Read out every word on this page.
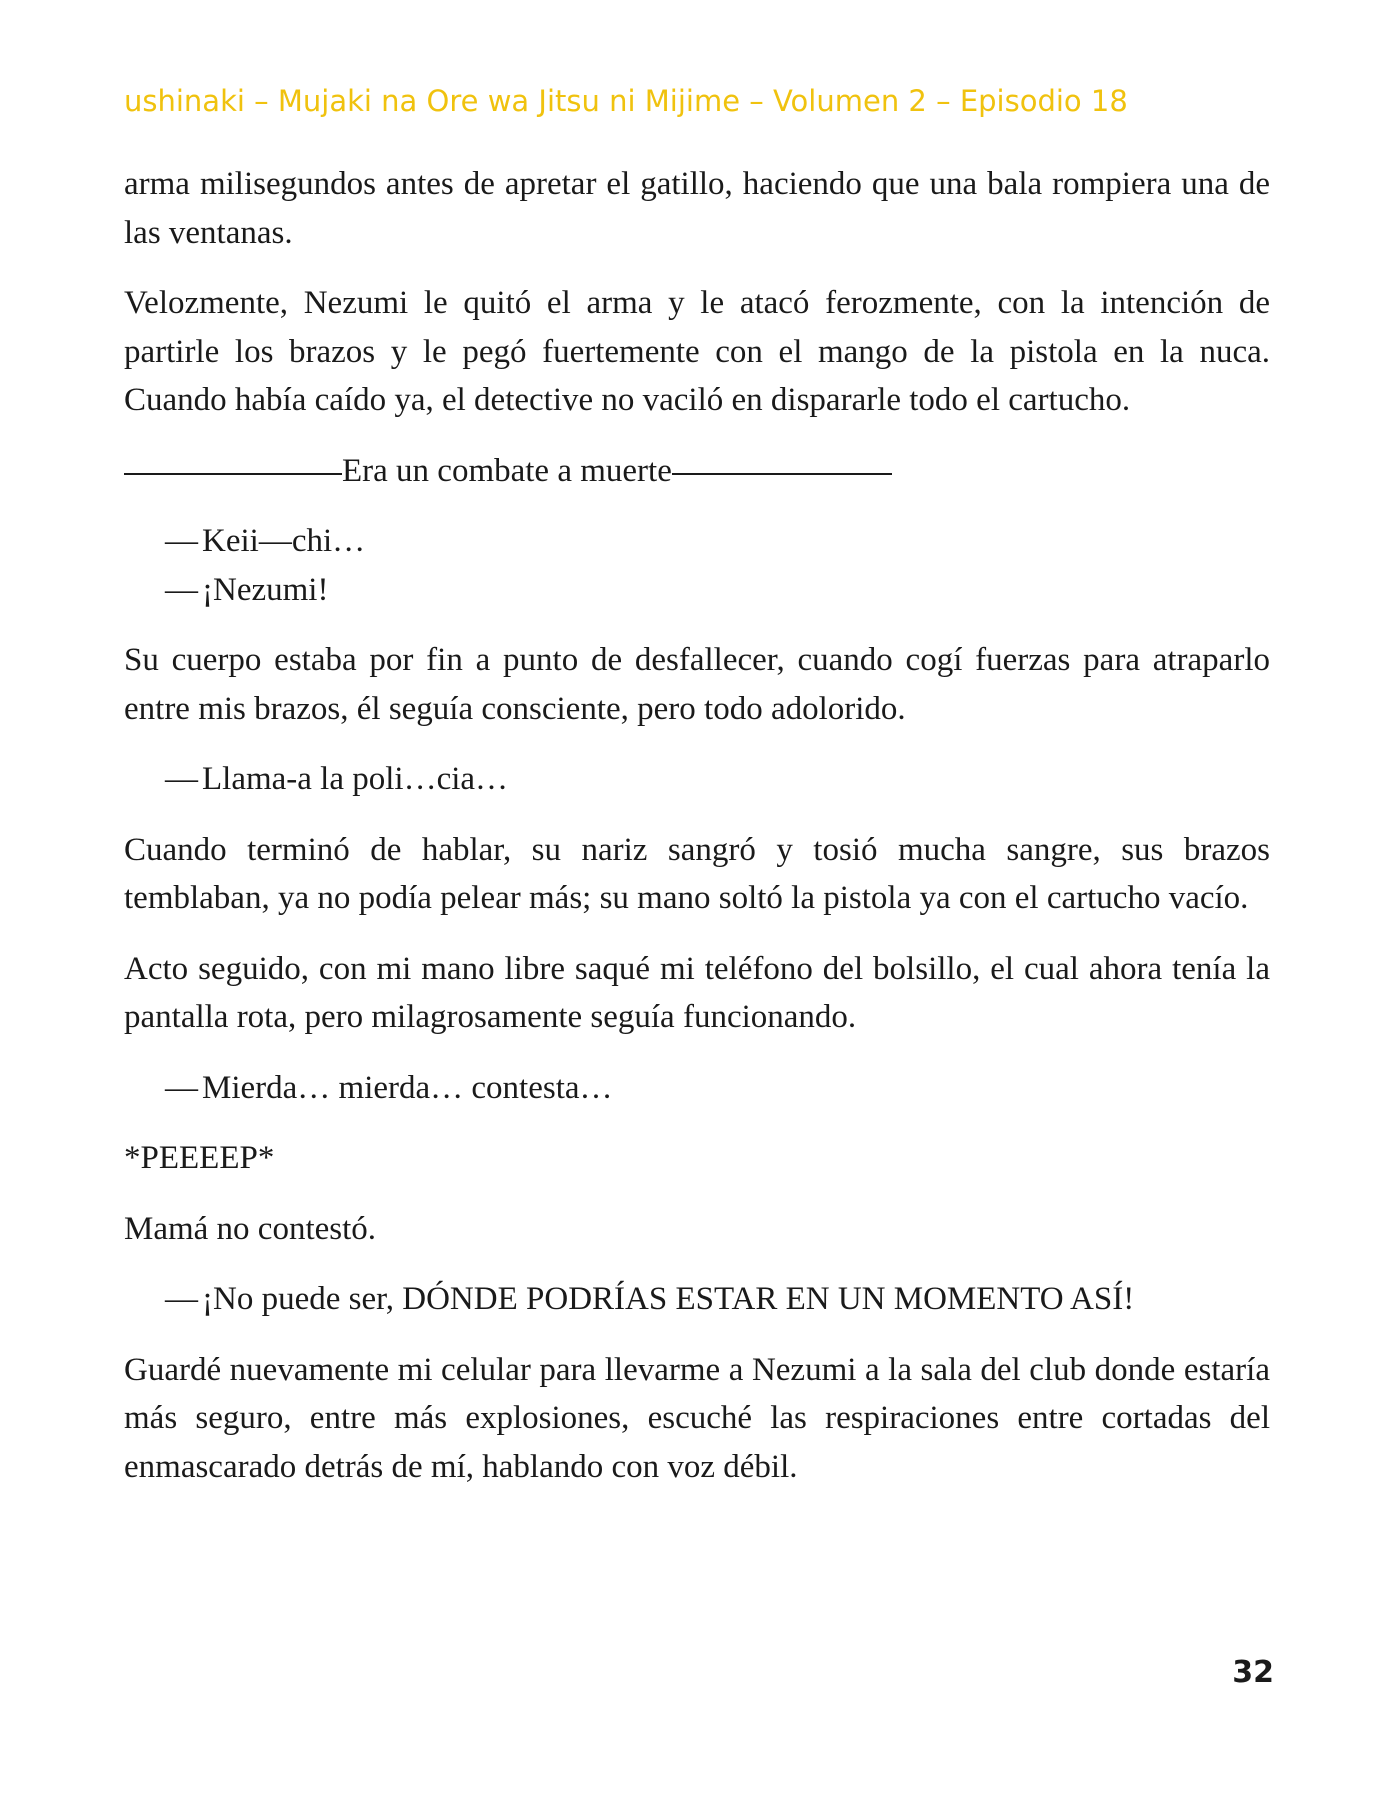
ushinaki – Mujaki na Ore wa Jitsu ni Mijime – Volumen 2 – Episodio 18

arma milisegundos antes de apretar el gatillo, haciendo que una bala rompiera una de las ventanas.

Velozmente, Nezumi le quitó el arma y le atacó ferozmente, con la intención de partirle los brazos y le pegó fuertemente con el mango de la pistola en la nuca. Cuando había caído ya, el detective no vaciló en dispararle todo el cartucho.

Era un combate a muerte
— Keii—chi…
— ¡Nezumi!

Su cuerpo estaba por fin a punto de desfallecer, cuando cogí fuerzas para atraparlo entre mis brazos, él seguía consciente, pero todo adolorido.

— Llama-a la poli…cia…

Cuando terminó de hablar, su nariz sangró y tosió mucha sangre, sus brazos temblaban, ya no podía pelear más; su mano soltó la pistola ya con el cartucho vacío.

Acto seguido, con mi mano libre saqué mi teléfono del bolsillo, el cual ahora tenía la pantalla rota, pero milagrosamente seguía funcionando.

— Mierda… mierda… contesta…

*PEEEEP*

Mamá no contestó.

— ¡No puede ser, DÓNDE PODRÍAS ESTAR EN UN MOMENTO ASÍ!

Guardé nuevamente mi celular para llevarme a Nezumi a la sala del club donde estaría más seguro, entre más explosiones, escuché las respiraciones entre cortadas del enmascarado detrás de mí, hablando con voz débil.

32
